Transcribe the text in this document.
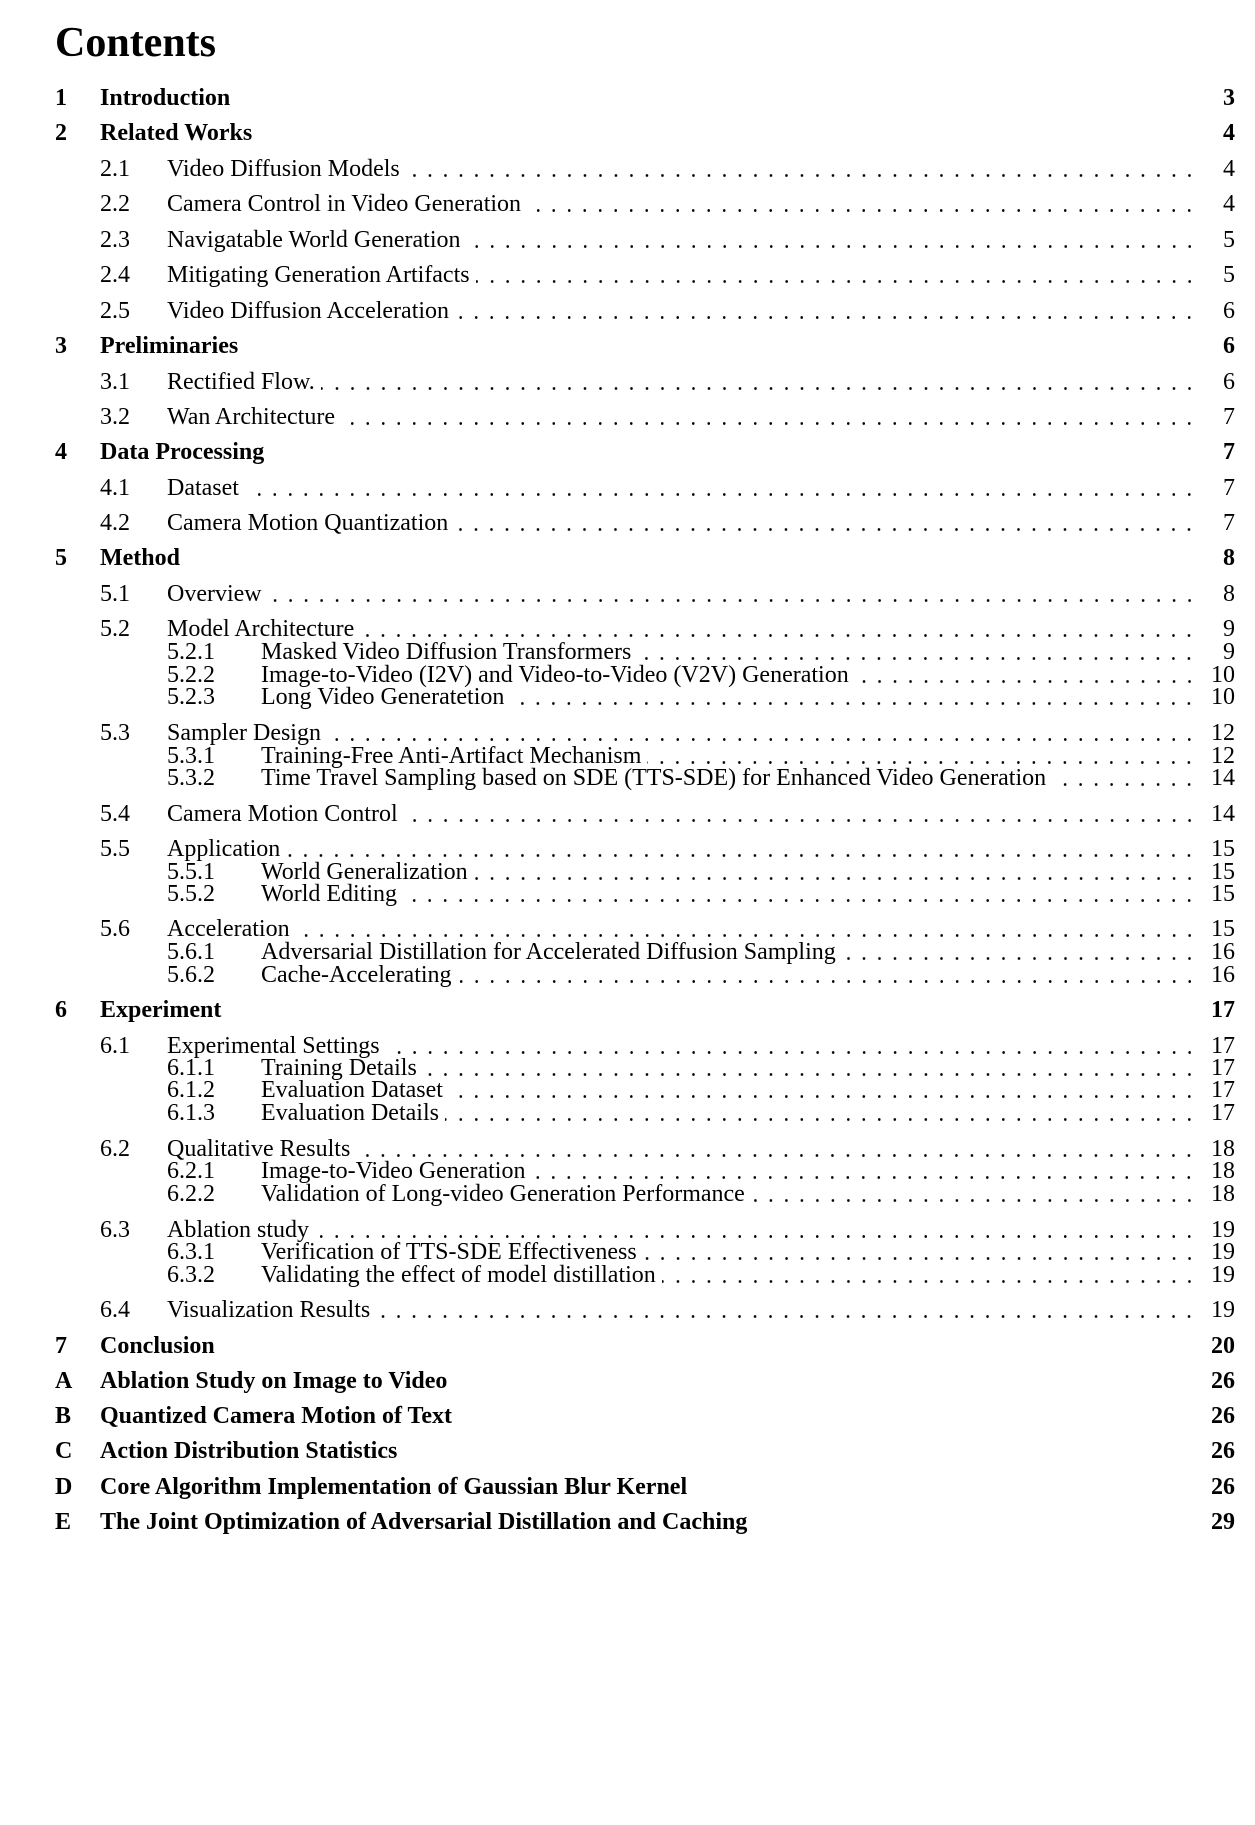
Contents
1	Introduction	3
2	Related Works	4
2.1	Video Diffusion Models	4
2.2	Camera Control in Video Generation	4
2.3	Navigatable World Generation	5
2.4	Mitigating Generation Artifacts	5
2.5	Video Diffusion Acceleration	6
3	Preliminaries	6
3.1	Rectified Flow.	6
3.2	Wan Architecture	7
4	Data Processing	7
4.1	Dataset	7
4.2	Camera Motion Quantization	7
5	Method	8
5.1	Overview	8
5.2	Model Architecture	9
5.2.1	Masked Video Diffusion Transformers	9
5.2.2	Image-to-Video (I2V) and Video-to-Video (V2V) Generation	10
5.2.3	Long Video Generatetion	10
5.3	Sampler Design	12
5.3.1	Training-Free Anti-Artifact Mechanism	12
5.3.2	Time Travel Sampling based on SDE (TTS-SDE) for Enhanced Video Generation	14
5.4	Camera Motion Control	14
5.5	Application	15
5.5.1	World Generalization	15
5.5.2	World Editing	15
5.6	Acceleration	15
5.6.1	Adversarial Distillation for Accelerated Diffusion Sampling	16
5.6.2	Cache-Accelerating	16
6	Experiment	17
6.1	Experimental Settings	17
6.1.1	Training Details	17
6.1.2	Evaluation Dataset	17
6.1.3	Evaluation Details	17
6.2	Qualitative Results	18
6.2.1	Image-to-Video Generation	18
6.2.2	Validation of Long-video Generation Performance	18
6.3	Ablation study	19
6.3.1	Verification of TTS-SDE Effectiveness	19
6.3.2	Validating the effect of model distillation	19
6.4	Visualization Results	19
7	Conclusion	20
A	Ablation Study on Image to Video	26
B	Quantized Camera Motion of Text	26
C	Action Distribution Statistics	26
D	Core Algorithm Implementation of Gaussian Blur Kernel	26
E	The Joint Optimization of Adversarial Distillation and Caching	29
